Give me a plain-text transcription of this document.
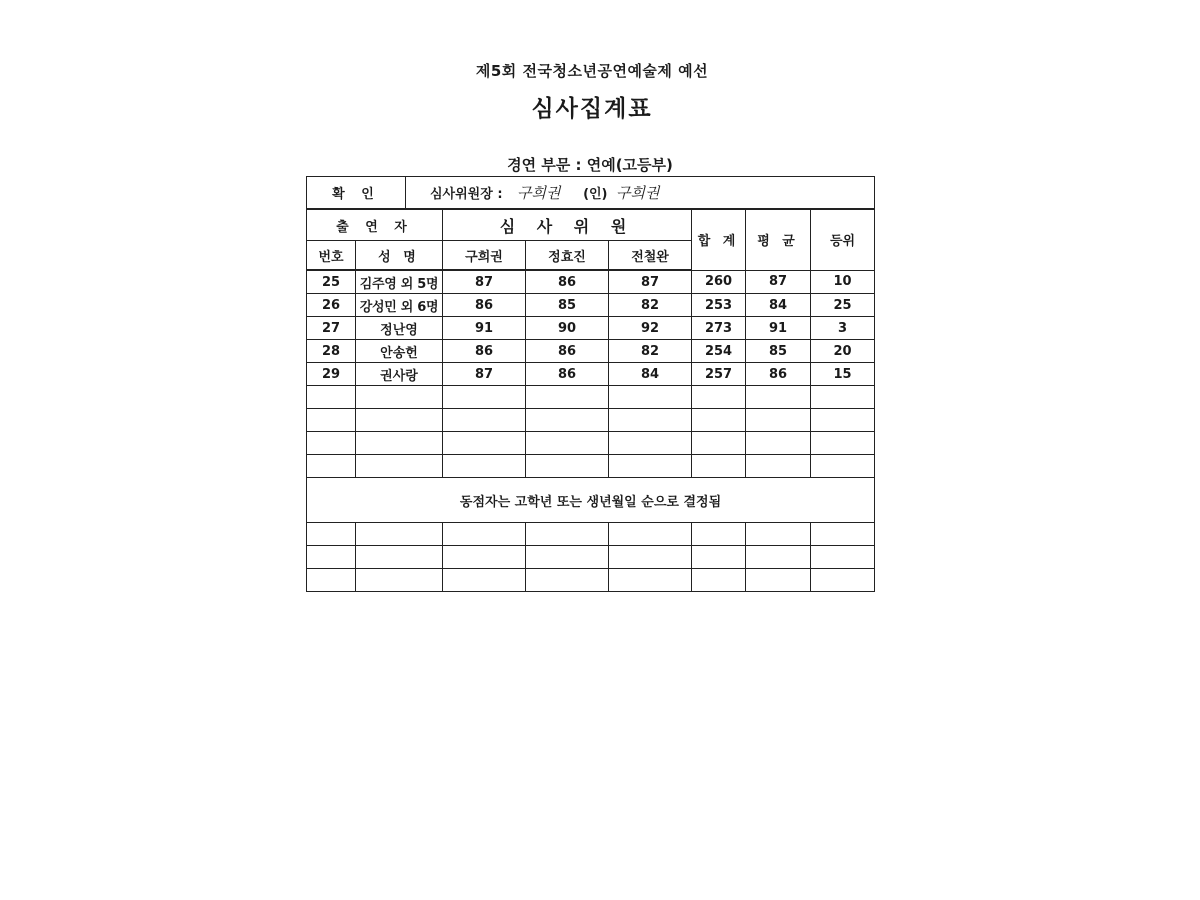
제5회 전국청소년공연예술제 예선
심사집계표
경연 부문 : 연예(고등부)
확 인	심사위원장 : 구희권 (인) 구희권
출 연 자		심 사 위 원			합 계	평 균	등위
번호	성 명	구희권	정효진	전철완			
25	김주영 외 5명	87	86	87	260	87	10
26	강성민 외 6명	86	85	82	253	84	25
27	정난영	91	90	92	273	91	3
28	안송헌	86	86	82	254	85	20
29	권사랑	87	86	84	257	86	15

동점자는 고학년 또는 생년월일 순으로 결정됨							
